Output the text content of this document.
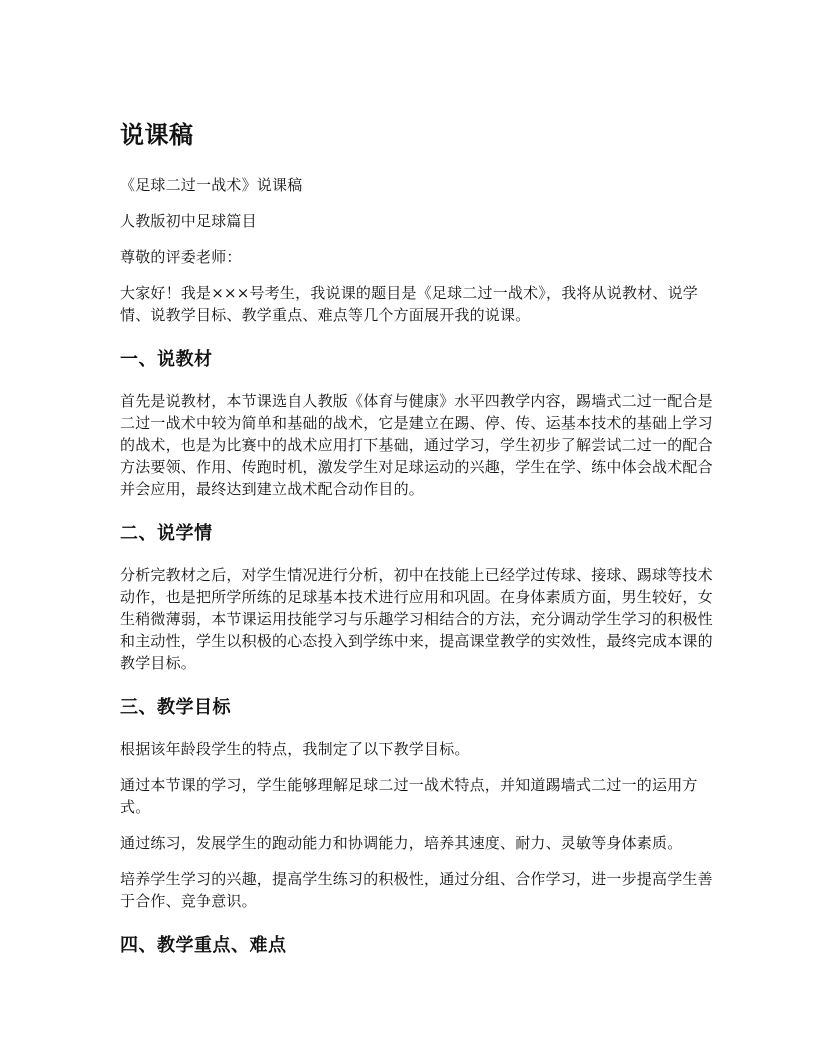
说课稿

《足球二过一战术》说课稿

人教版初中足球篇目

尊敬的评委老师：

大家好！我是×××号考生，我说课的题目是《足球二过一战术》，我将从说教材、说学情、说教学目标、教学重点、难点等几个方面展开我的说课。

一、说教材

首先是说教材，本节课选自人教版《体育与健康》水平四教学内容，踢墙式二过一配合是二过一战术中较为简单和基础的战术，它是建立在踢、停、传、运基本技术的基础上学习的战术，也是为比赛中的战术应用打下基础，通过学习，学生初步了解尝试二过一的配合方法要领、作用、传跑时机，激发学生对足球运动的兴趣，学生在学、练中体会战术配合并会应用，最终达到建立战术配合动作目的。

二、说学情

分析完教材之后，对学生情况进行分析，初中在技能上已经学过传球、接球、踢球等技术动作，也是把所学所练的足球基本技术进行应用和巩固。在身体素质方面，男生较好，女生稍微薄弱，本节课运用技能学习与乐趣学习相结合的方法，充分调动学生学习的积极性和主动性，学生以积极的心态投入到学练中来，提高课堂教学的实效性，最终完成本课的教学目标。

三、教学目标

根据该年龄段学生的特点，我制定了以下教学目标。

通过本节课的学习，学生能够理解足球二过一战术特点，并知道踢墙式二过一的运用方式。

通过练习，发展学生的跑动能力和协调能力，培养其速度、耐力、灵敏等身体素质。

培养学生学习的兴趣，提高学生练习的积极性，通过分组、合作学习，进一步提高学生善于合作、竞争意识。

四、教学重点、难点
